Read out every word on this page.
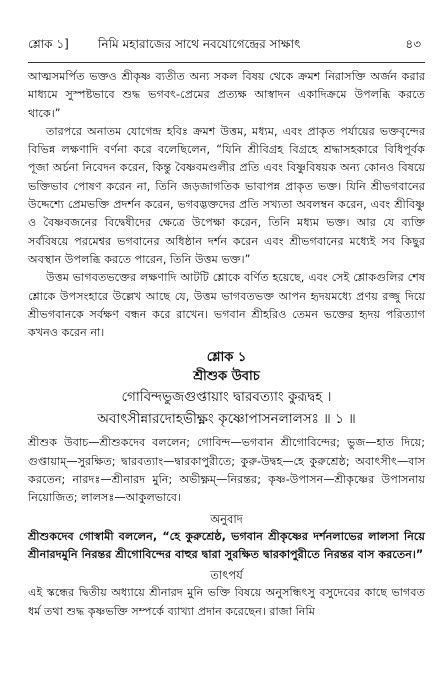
শ্লোক ১] নিমি মহারাজের সাথে নবযোগেন্দ্রের সাক্ষাৎ	৪৩

আত্মসমর্পিত ভক্তও শ্রীকৃষ্ণ ব্যতীত অন্য সকল বিষয় থেকে ক্রমশ নিরাসক্তি অর্জন করার মাধ্যমে সুস্পষ্টভাবে শুদ্ধ ভগবৎ-প্রেমের প্রত্যক্ষ আস্বাদন একাদিক্রমে উপলব্ধি করতে থাকে।”

তারপরে অনাতম যোগেন্দ্র হবিঃ ক্রমশ উত্তম, মধ্যম, এবং প্রাকৃত পর্যায়ের ভক্তবৃন্দের বিভিন্ন লক্ষণাদি বর্ণনা করে বলেছিলেন, “যিনি শ্রীবিগ্রহ বিগ্রহে শ্রদ্ধাসহকারে বিধিপূর্বক পূজা অর্চনা নিবেদন করেন, কিন্তু বৈষ্ণবমণ্ডলীর প্রতি এবং বিষ্ণুবিষয়ক অন্য কোনও বিষয়ে ভক্তিভাব পোষণ করেন না, তিনি জড়জাগতিক ভাবাপন্ন প্রাকৃত ভক্ত। যিনি শ্রীভগবানের উদ্দেশ্যে প্রেমভক্তি প্রদর্শন করেন, ভগবদ্ভক্তদের প্রতি সখ্যতা অবলম্বন করেন, এবং শ্রীবিষ্ণু ও বৈষ্ণবজনের বিদ্বেষীদের ক্ষেত্রে উপেক্ষা করেন, তিনি মধ্যম ভক্ত। আর যে ব্যক্তি সর্ববিষয়ে পরমেশ্বর ভগবানের অধিষ্ঠান দর্শন করেন এবং শ্রীভগবানের মধ্যেই সব কিছুর অবস্থান উপলব্ধি করতে পারেন, তিনি উত্তম ভক্ত।”

উত্তম ভাগবতভক্তের লক্ষণাদি আটটি শ্লোকে বর্ণিত হয়েছে, এবং সেই শ্লোকগুলির শেষ শ্লোকে উপসংহারে উল্লেখ আছে যে, উত্তম ভাগবতভক্ত আপন হৃদয়মধ্যে প্রণয় রজ্জু দিয়ে শ্রীভগবানকে সর্বক্ষণ বন্ধন করে রাখেন। ভগবান শ্রীহরিও তেমন ভক্তের হৃদয় পরিত্যাগ কখনও করেন না।

শ্লোক ১
শ্রীশুক উবাচ
গোবিন্দভুজগুপ্তায়াং দ্বারবত্যাং কুরূদ্বহ ।
অবাৎসীন্নারদোহভীক্ষ্ণং কৃষ্ণোপাসনলালসঃ ॥ ১ ॥

শ্রীশুক উবাচ—শ্রীশুকদেব বললেন; গোবিন্দ—ভগবান শ্রীগোবিন্দের; ভুজ—হাত দিয়ে; গুপ্তায়াম্—সুরক্ষিত; দ্বারবত্যাং—দ্বারকাপুরীতে; কুরু-উদ্বহ—হে কুরুশ্রেষ্ঠ; অবাৎসীৎ—বাস করতেন; নারদঃ—শ্রীনারদ মুনি; অভীক্ষ্ণম্—নিরন্তর; কৃষ্ণ-উপাসন—শ্রীকৃষ্ণের উপাসনায় নিয়োজিত; লালসঃ—আকুলভাবে।

অনুবাদ

শ্রীশুকদেব গোস্বামী বললেন, “হে কুরুশ্রেষ্ঠ, ভগবান শ্রীকৃষ্ণের দর্শনলাভের লালসা নিয়ে শ্রীনারদমুনি নিরন্তর শ্রীগোবিন্দের বাহুর দ্বারা সুরক্ষিত দ্বারকাপুরীতে নিরন্তর বাস করতেন।”

তাৎপর্য

এই স্কন্ধের দ্বিতীয় অধ্যায়ে শ্রীনারদ মুনি ভক্তি বিষয়ে অনুসন্ধিৎসু বসুদেবের কাছে ভাগবত ধর্ম তথা শুদ্ধ কৃষ্ণভক্তি সম্পর্কে ব্যাখ্যা প্রদান করেছেন। রাজা নিমি
